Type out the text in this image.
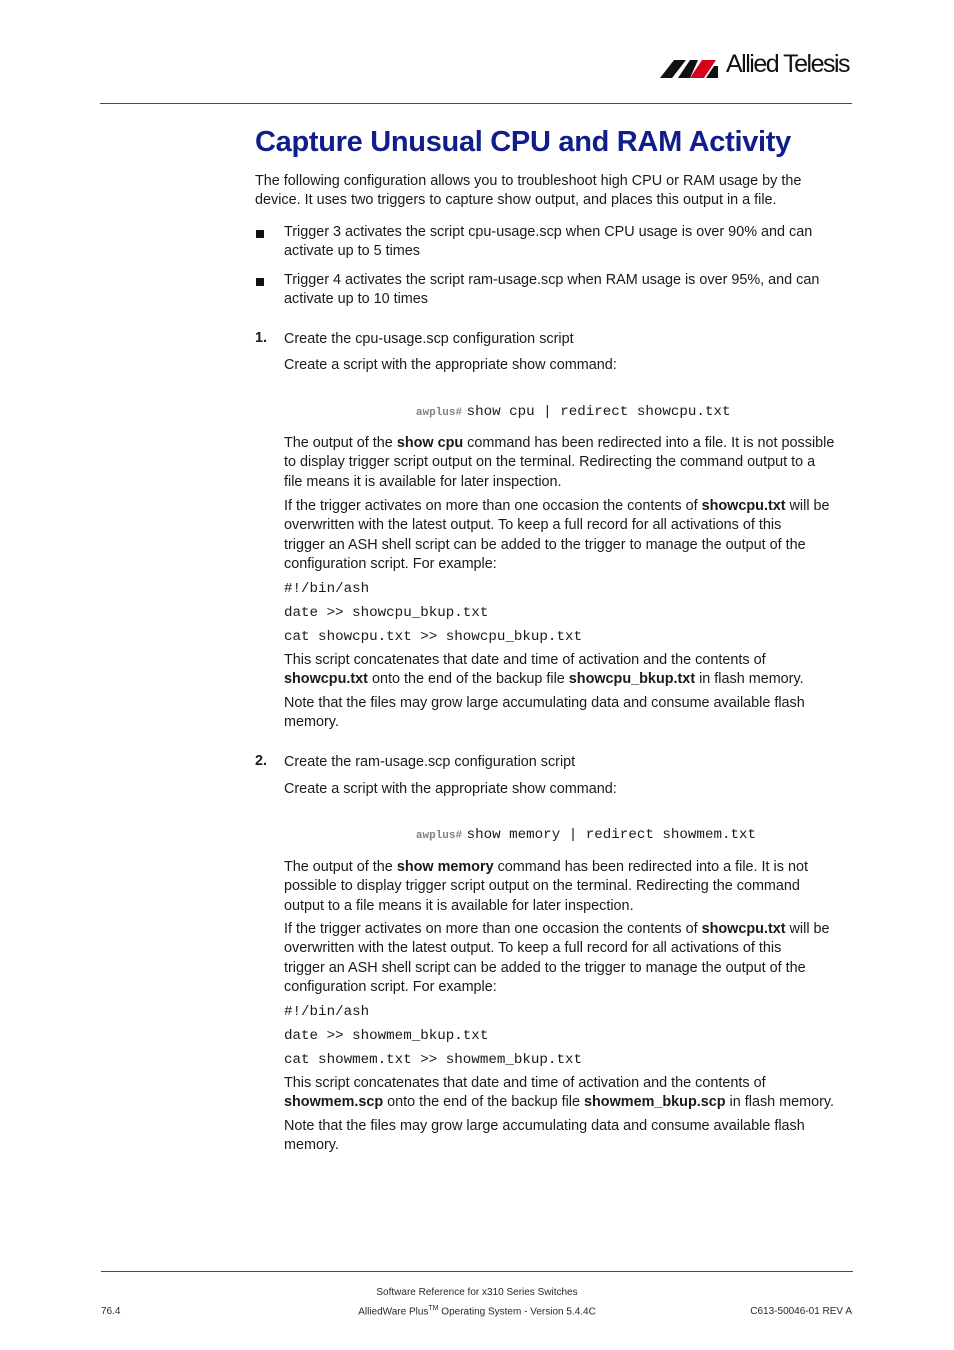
Allied Telesis
Capture Unusual CPU and RAM Activity
The following configuration allows you to troubleshoot high CPU or RAM usage by the device. It uses two triggers to capture show output, and places this output in a file.
Trigger 3 activates the script cpu-usage.scp when CPU usage is over 90% and can
activate up to 5 times
Trigger 4 activates the script ram-usage.scp when RAM usage is over 95%, and can
activate up to 10 times
1. Create the cpu-usage.scp configuration script
Create a script with the appropriate show command:

awplus# show cpu | redirect showcpu.txt

The output of the show cpu command has been redirected into a file. It is not possible
to display trigger script output on the terminal. Redirecting the command output to a
file means it is available for later inspection.
If the trigger activates on more than one occasion the contents of showcpu.txt will be
overwritten with the latest output. To keep a full record for all activations of this
trigger an ASH shell script can be added to the trigger to manage the output of the
configuration script. For example:
#!/bin/ash
date >> showcpu_bkup.txt
cat showcpu.txt >> showcpu_bkup.txt
This script concatenates that date and time of activation and the contents of
showcpu.txt onto the end of the backup file showcpu_bkup.txt in flash memory.
Note that the files may grow large accumulating data and consume available flash
memory.
2. Create the ram-usage.scp configuration script
Create a script with the appropriate show command:

awplus# show memory | redirect showmem.txt

The output of the show memory command has been redirected into a file. It is not
possible to display trigger script output on the terminal. Redirecting the command
output to a file means it is available for later inspection.
If the trigger activates on more than one occasion the contents of showcpu.txt will be
overwritten with the latest output. To keep a full record for all activations of this
trigger an ASH shell script can be added to the trigger to manage the output of the
configuration script. For example:
#!/bin/ash
date >> showmem_bkup.txt
cat showmem.txt >> showmem_bkup.txt
This script concatenates that date and time of activation and the contents of
showmem.scp onto the end of the backup file showmem_bkup.scp in flash memory.
Note that the files may grow large accumulating data and consume available flash
memory.
Software Reference for x310 Series Switches
AlliedWare Plus™ Operating System - Version 5.4.4C
76.4	C613-50046-01 REV A
